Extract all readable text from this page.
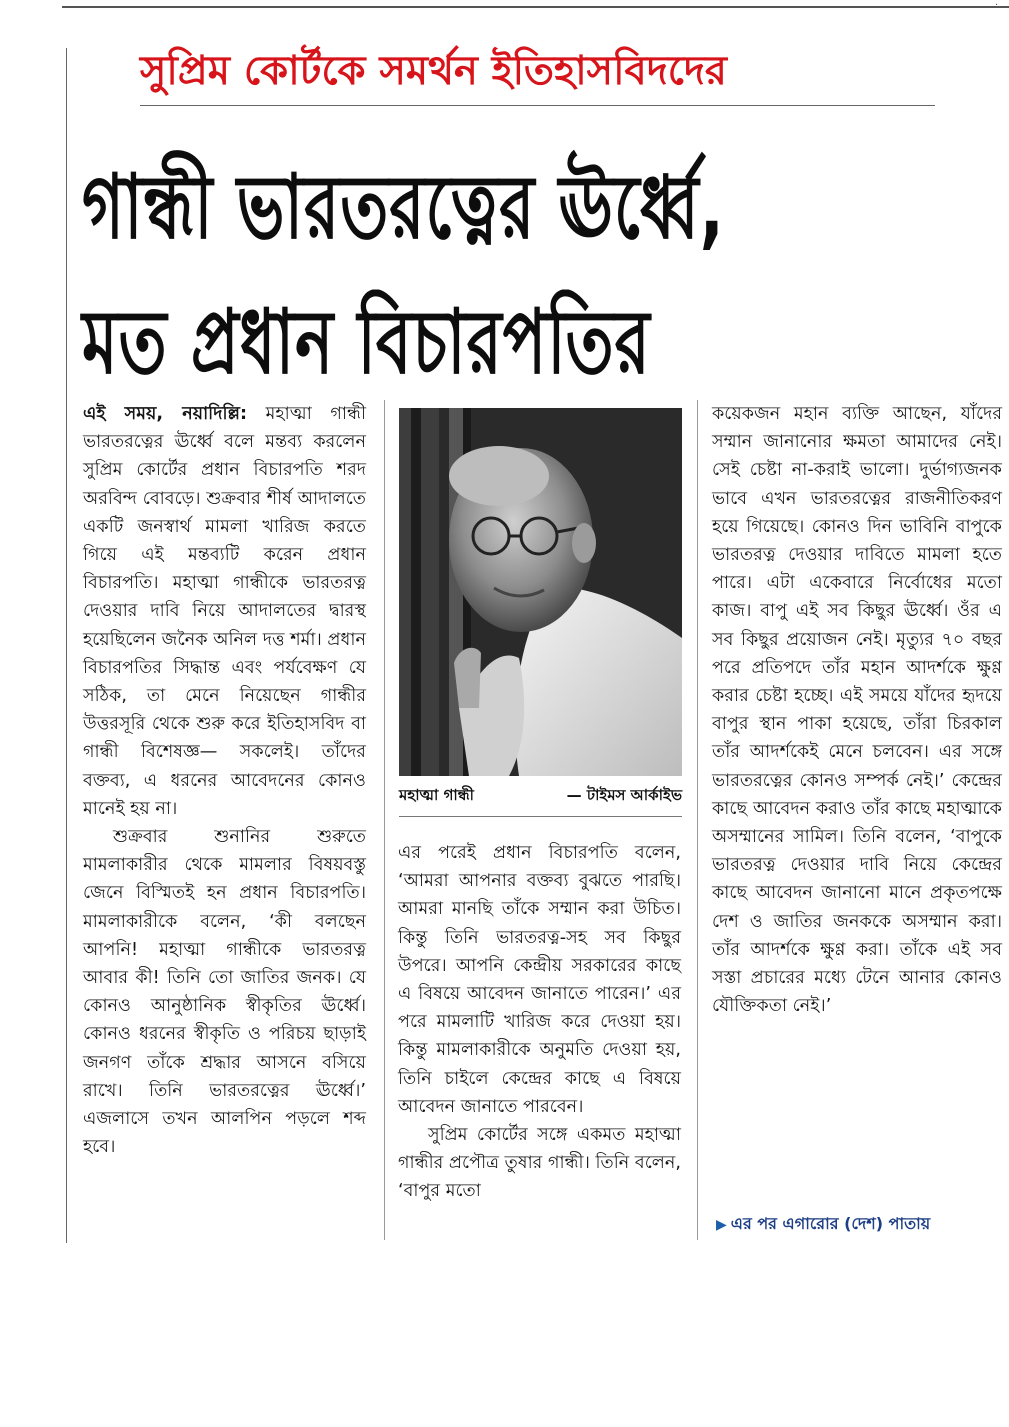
·
সুপ্রিম কোর্টকে সমর্থন ইতিহাসবিদদের
গান্ধী ভারতরত্নের ঊর্ধ্বে,
মত প্রধান বিচারপতির

এই সময়, নয়াদিল্লি: মহাত্মা গান্ধী ভারতরত্নের ঊর্ধ্বে বলে মন্তব্য করলেন সুপ্রিম কোর্টের প্রধান বিচারপতি শরদ অরবিন্দ বোবড়ে। শুক্রবার শীর্ষ আদালতে একটি জনস্বার্থ মামলা খারিজ করতে গিয়ে এই মন্তব্যটি করেন প্রধান বিচারপতি। মহাত্মা গান্ধীকে ভারতরত্ন দেওয়ার দাবি নিয়ে আদালতের দ্বারস্থ হয়েছিলেন জনৈক অনিল দত্ত শর্মা। প্রধান বিচারপতির সিদ্ধান্ত এবং পর্যবেক্ষণ যে সঠিক, তা মেনে নিয়েছেন গান্ধীর উত্তরসূরি থেকে শুরু করে ইতিহাসবিদ বা গান্ধী বিশেষজ্ঞ— সকলেই। তাঁদের বক্তব্য, এ ধরনের আবেদনের কোনও মানেই হয় না।

শুক্রবার শুনানির শুরুতে মামলাকারীর থেকে মামলার বিষয়বস্তু জেনে বিস্মিতই হন প্রধান বিচারপতি। মামলাকারীকে বলেন, ‘কী বলছেন আপনি! মহাত্মা গান্ধীকে ভারতরত্ন আবার কী! তিনি তো জাতির জনক। যে কোনও আনুষ্ঠানিক স্বীকৃতির ঊর্ধ্বে। কোনও ধরনের স্বীকৃতি ও পরিচয় ছাড়াই জনগণ তাঁকে শ্রদ্ধার আসনে বসিয়ে রাখে। তিনি ভারতরত্নের ঊর্ধ্বে।’ এজলাসে তখন আলপিন পড়লে শব্দ হবে।

মহাত্মা গান্ধী	— টাইমস আর্কাইভ

এর পরেই প্রধান বিচারপতি বলেন, ‘আমরা আপনার বক্তব্য বুঝতে পারছি। আমরা মানছি তাঁকে সম্মান করা উচিত। কিন্তু তিনি ভারতরত্ন-সহ সব কিছুর উপরে। আপনি কেন্দ্রীয় সরকারের কাছে এ বিষয়ে আবেদন জানাতে পারেন।’ এর পরে মামলাটি খারিজ করে দেওয়া হয়। কিন্তু মামলাকারীকে অনুমতি দেওয়া হয়, তিনি চাইলে কেন্দ্রের কাছে এ বিষয়ে আবেদন জানাতে পারবেন।

সুপ্রিম কোর্টের সঙ্গে একমত মহাত্মা গান্ধীর প্রপৌত্র তুষার গান্ধী। তিনি বলেন, ‘বাপুর মতো

কয়েকজন মহান ব্যক্তি আছেন, যাঁদের সম্মান জানানোর ক্ষমতা আমাদের নেই। সেই চেষ্টা না-করাই ভালো। দুর্ভাগ্যজনক ভাবে এখন ভারতরত্নের রাজনীতিকরণ হয়ে গিয়েছে। কোনও দিন ভাবিনি বাপুকে ভারতরত্ন দেওয়ার দাবিতে মামলা হতে পারে। এটা একেবারে নির্বোধের মতো কাজ। বাপু এই সব কিছুর ঊর্ধ্বে। ওঁর এ সব কিছুর প্রয়োজন নেই। মৃত্যুর ৭০ বছর পরে প্রতিপদে তাঁর মহান আদর্শকে ক্ষুণ্ণ করার চেষ্টা হচ্ছে। এই সময়ে যাঁদের হৃদয়ে বাপুর স্থান পাকা হয়েছে, তাঁরা চিরকাল তাঁর আদর্শকেই মেনে চলবেন। এর সঙ্গে ভারতরত্নের কোনও সম্পর্ক নেই।’ কেন্দ্রের কাছে আবেদন করাও তাঁর কাছে মহাত্মাকে অসম্মানের সামিল। তিনি বলেন, ‘বাপুকে ভারতরত্ন দেওয়ার দাবি নিয়ে কেন্দ্রের কাছে আবেদন জানানো মানে প্রকৃতপক্ষে দেশ ও জাতির জনককে অসম্মান করা। তাঁর আদর্শকে ক্ষুণ্ণ করা। তাঁকে এই সব সস্তা প্রচারের মধ্যে টেনে আনার কোনও যৌক্তিকতা নেই।’

▶ এর পর এগারোর (দেশ) পাতায়
